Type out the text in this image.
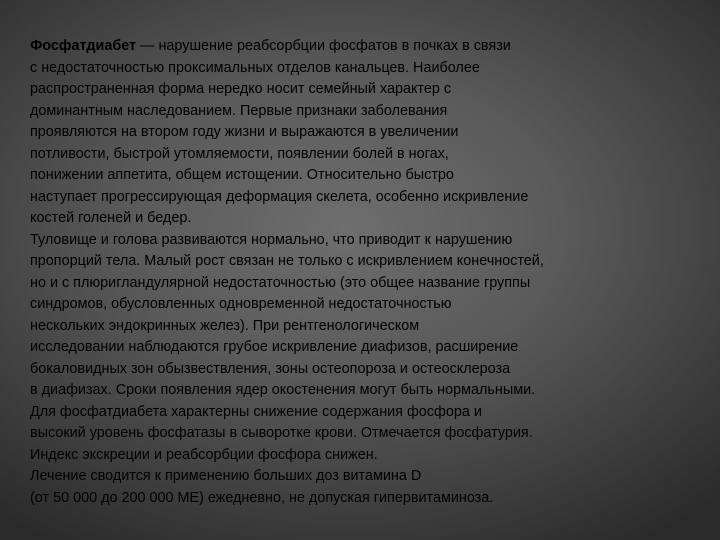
Фосфатдиабет — нарушение реабсорбции фосфатов в почках в связи
с недостаточностью проксимальных отделов канальцев. Наиболее
распространенная форма нередко носит семейный характер с
доминантным наследованием. Первые признаки заболевания
проявляются на втором году жизни и выражаются в увеличении
потливости, быстрой утомляемости, появлении болей в ногах,
понижении аппетита, общем истощении. Относительно быстро
наступает прогрессирующая деформация скелета, особенно искривление
костей голеней и бедер.
Туловище и голова развиваются нормально, что приводит к нарушению
пропорций тела. Малый рост связан не только с искривлением конечностей,
но и с плюригландулярной недостаточностью (это общее название группы
синдромов, обусловленных одновременной недостаточностью
нескольких эндокринных желез). При рентгенологическом
исследовании наблюдаются грубое искривление диафизов, расширение
бокаловидных зон обызвествления, зоны остеопороза и остеосклероза
в диафизах. Сроки появления ядер окостенения могут быть нормальными.
Для фосфатдиабета характерны снижение содержания фосфора и
высокий уровень фосфатазы в сыворотке крови. Отмечается фосфатурия.
Индекс экскреции и реабсорбции фосфора снижен.
Лечение сводится к применению больших доз витамина D
(от 50 000 до 200 000 МЕ) ежедневно, не допуская гипервитаминоза.
